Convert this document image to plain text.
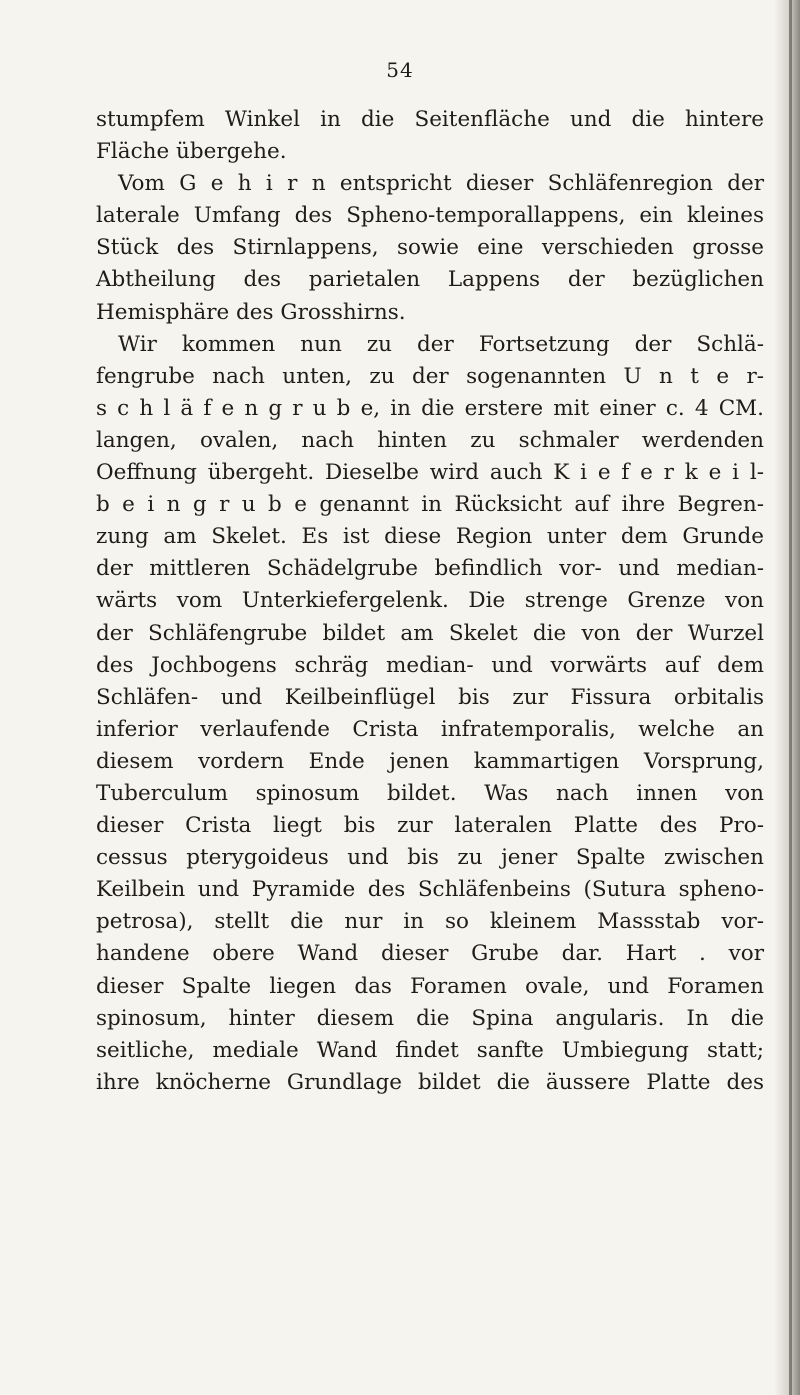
54
stumpfem Winkel in die Seitenfläche und die hintere
Fläche übergehe.
Vom G e h i r n entspricht dieser Schläfenregion der
laterale Umfang des Spheno-temporallappens, ein kleines
Stück des Stirnlappens, sowie eine verschieden grosse
Abtheilung des parietalen Lappens der bezüglichen
Hemisphäre des Grosshirns.
Wir kommen nun zu der Fortsetzung der Schlä-
fengrube nach unten, zu der sogenannten U n t e r-
s c h l ä f e n g r u b e, in die erstere mit einer c. 4 CM.
langen, ovalen, nach hinten zu schmaler werdenden
Oeffnung übergeht. Dieselbe wird auch K i e f e r k e i l-
b e i n g r u b e genannt in Rücksicht auf ihre Begren-
zung am Skelet. Es ist diese Region unter dem Grunde
der mittleren Schädelgrube befindlich vor- und median-
wärts vom Unterkiefergelenk. Die strenge Grenze von
der Schläfengrube bildet am Skelet die von der Wurzel
des Jochbogens schräg median- und vorwärts auf dem
Schläfen- und Keilbeinflügel bis zur Fissura orbitalis
inferior verlaufende Crista infratemporalis, welche an
diesem vordern Ende jenen kammartigen Vorsprung,
Tuberculum spinosum bildet. Was nach innen von
dieser Crista liegt bis zur lateralen Platte des Pro-
cessus pterygoideus und bis zu jener Spalte zwischen
Keilbein und Pyramide des Schläfenbeins (Sutura spheno-
petrosa), stellt die nur in so kleinem Massstab vor-
handene obere Wand dieser Grube dar. Hart . vor
dieser Spalte liegen das Foramen ovale, und Foramen
spinosum, hinter diesem die Spina angularis. In die
seitliche, mediale Wand findet sanfte Umbiegung statt;
ihre knöcherne Grundlage bildet die äussere Platte des
